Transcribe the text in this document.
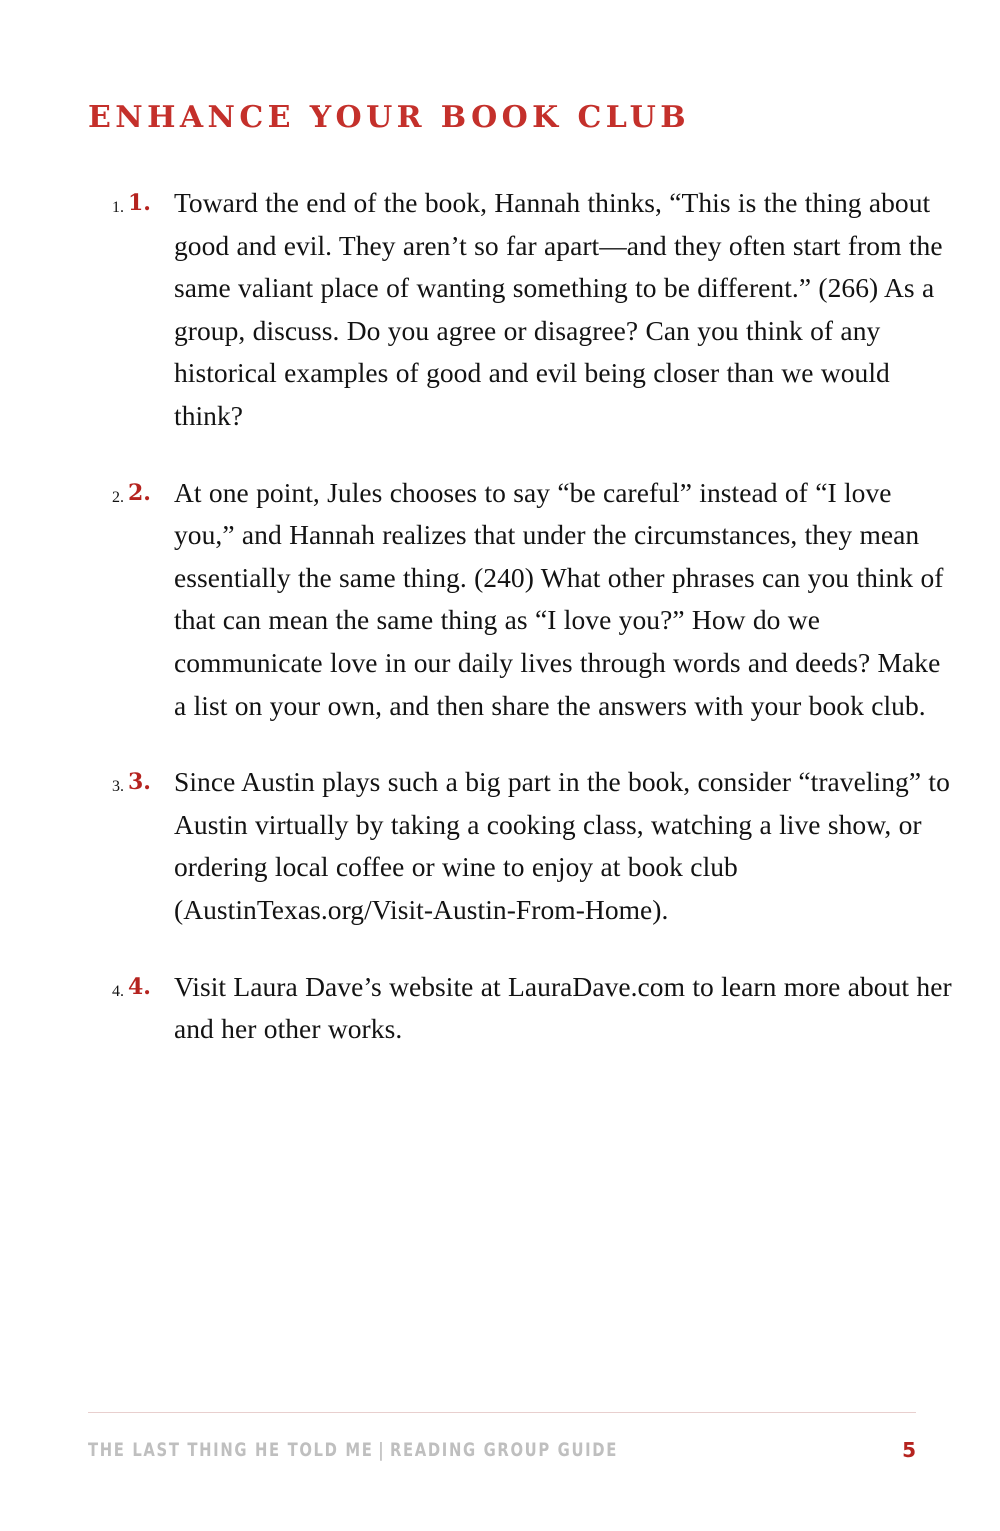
ENHANCE YOUR BOOK CLUB
1. 1. Toward the end of the book, Hannah thinks, “This is the thing about good and evil. They aren’t so far apart—and they often start from the same valiant place of wanting something to be different.” (266) As a group, discuss. Do you agree or disagree? Can you think of any historical examples of good and evil being closer than we would think?
2. 2. At one point, Jules chooses to say “be careful” instead of “I love you,” and Hannah realizes that under the circumstances, they mean essentially the same thing. (240) What other phrases can you think of that can mean the same thing as “I love you?” How do we communicate love in our daily lives through words and deeds? Make a list on your own, and then share the answers with your book club.
3. 3. Since Austin plays such a big part in the book, consider “traveling” to Austin virtually by taking a cooking class, watching a live show, or ordering local coffee or wine to enjoy at book club (AustinTexas.org/Visit-Austin-From-Home).
4. 4. Visit Laura Dave’s website at LauraDave.com to learn more about her and her other works.
THE LAST THING HE TOLD ME | READING GROUP GUIDE	5
